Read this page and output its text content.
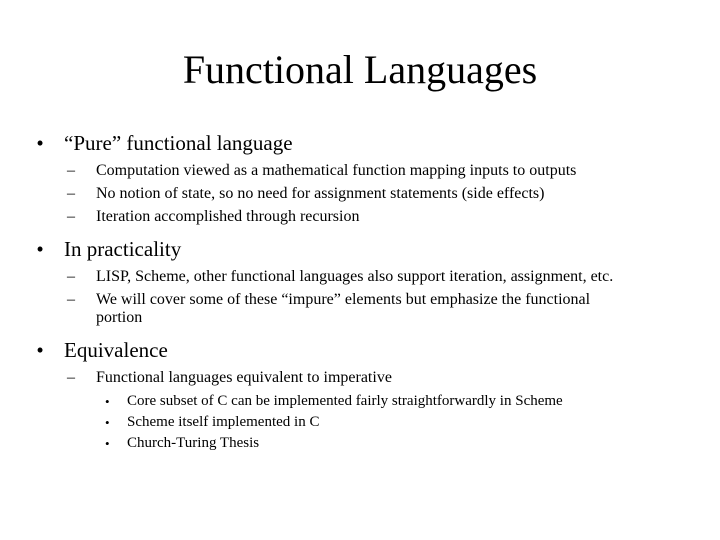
Functional Languages
• “Pure” functional language
– Computation viewed as a mathematical function mapping inputs to outputs
– No notion of state, so no need for assignment statements (side effects)
– Iteration accomplished through recursion
• In practicality
– LISP, Scheme, other functional languages also support iteration, assignment, etc.
– We will cover some of these “impure” elements but emphasize the functional portion
• Equivalence
– Functional languages equivalent to imperative
• Core subset of C can be implemented fairly straightforwardly in Scheme
• Scheme itself implemented in C
• Church-Turing Thesis
